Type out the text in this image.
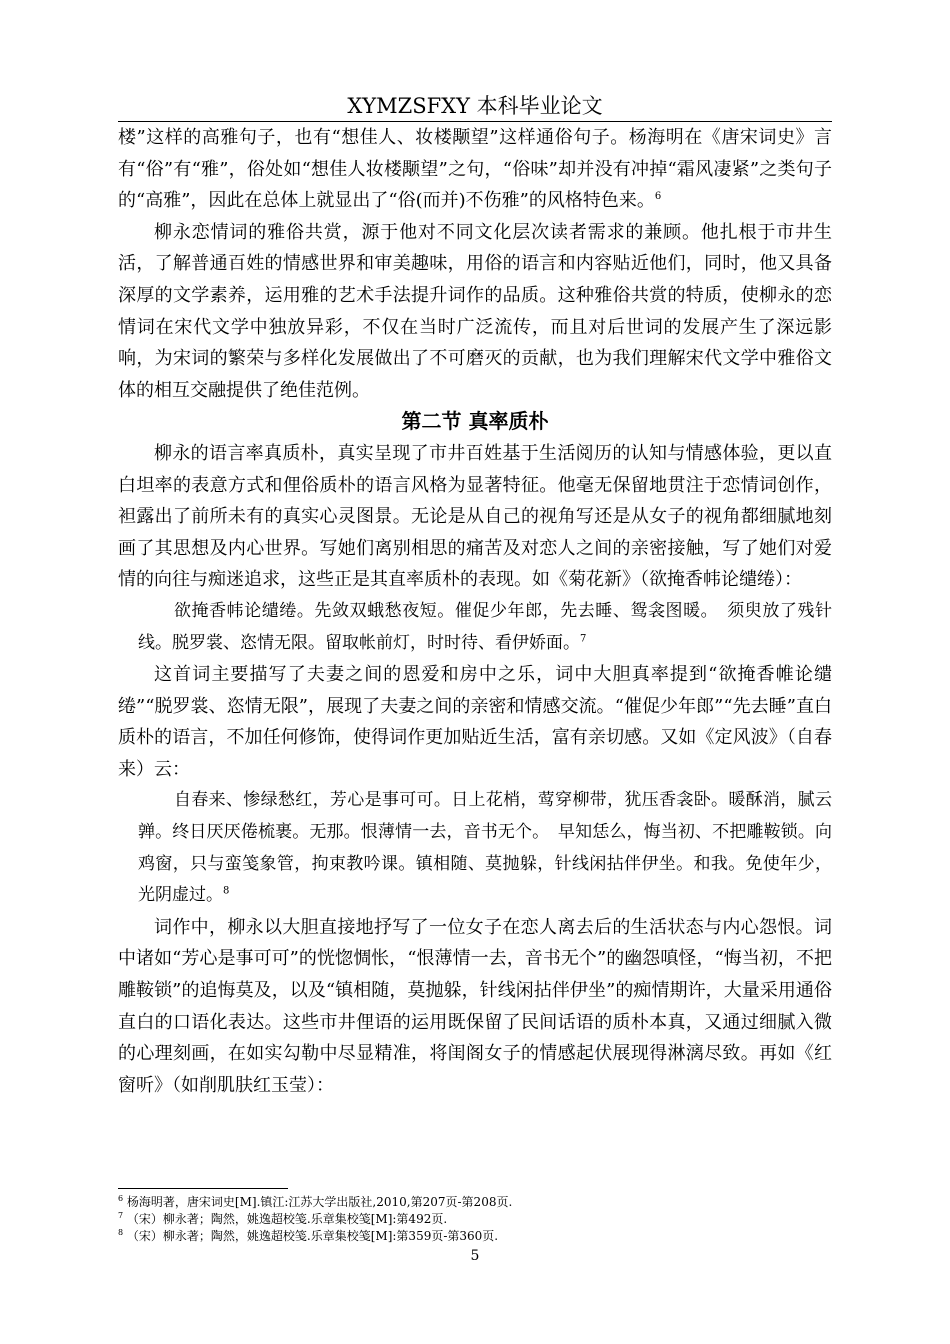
XYMZSFXY 本科毕业论文

楼”这样的高雅句子，也有“想佳人、妆楼颙望”这样通俗句子。杨海明在《唐宋词史》言有“俗”有“雅”，俗处如“想佳人妆楼颙望”之句，“俗味”却并没有冲掉“霜风凄紧”之类句子的“高雅”，因此在总体上就显出了“俗(而并)不伤雅”的风格特色来。$^6$

柳永恋情词的雅俗共赏，源于他对不同文化层次读者需求的兼顾。他扎根于市井生活，了解普通百姓的情感世界和审美趣味，用俗的语言和内容贴近他们，同时，他又具备深厚的文学素养，运用雅的艺术手法提升词作的品质。这种雅俗共赏的特质，使柳永的恋情词在宋代文学中独放异彩，不仅在当时广泛流传，而且对后世词的发展产生了深远影响，为宋词的繁荣与多样化发展做出了不可磨灭的贡献，也为我们理解宋代文学中雅俗文体的相互交融提供了绝佳范例。

第二节 真率质朴

柳永的语言率真质朴，真实呈现了市井百姓基于生活阅历的认知与情感体验，更以直白坦率的表意方式和俚俗质朴的语言风格为显著特征。他毫无保留地贯注于恋情词创作，袒露出了前所未有的真实心灵图景。无论是从自己的视角写还是从女子的视角都细腻地刻画了其思想及内心世界。写她们离别相思的痛苦及对恋人之间的亲密接触，写了她们对爱情的向往与痴迷追求，这些正是其直率质朴的表现。如《菊花新》（欲掩香帏论缱绻）：

欲掩香帏论缱绻。先敛双蛾愁夜短。催促少年郎，先去睡、鸳衾图暖。　须臾放了残针线。脱罗裳、恣情无限。留取帐前灯，时时待、看伊娇面。$^7$

这首词主要描写了夫妻之间的恩爱和房中之乐，词中大胆真率提到“欲掩香帷论缱绻”“脱罗裳、恣情无限”，展现了夫妻之间的亲密和情感交流。“催促少年郎”“先去睡”直白质朴的语言，不加任何修饰，使得词作更加贴近生活，富有亲切感。又如《定风波》（自春来）云：

自春来、惨绿愁红，芳心是事可可。日上花梢，莺穿柳带，犹压香衾卧。暖酥消，腻云亸。终日厌厌倦梳裹。无那。恨薄情一去，音书无个。　早知恁么，悔当初、不把雕鞍锁。向鸡窗，只与蛮笺象管，拘束教吟课。镇相随、莫抛躲，针线闲拈伴伊坐。和我。免使年少，光阴虚过。$^8$

词作中，柳永以大胆直接地抒写了一位女子在恋人离去后的生活状态与内心怨恨。词中诸如“芳心是事可可”的恍惚惆怅，“恨薄情一去，音书无个”的幽怨嗔怪，“悔当初，不把雕鞍锁”的追悔莫及，以及“镇相随，莫抛躲，针线闲拈伴伊坐”的痴情期许，大量采用通俗直白的口语化表达。这些市井俚语的运用既保留了民间话语的质朴本真，又通过细腻入微的心理刻画，在如实勾勒中尽显精准，将闺阁女子的情感起伏展现得淋漓尽致。再如《红窗听》（如削肌肤红玉莹）：

$^6$ 杨海明著，唐宋词史[M].镇江:江苏大学出版社,2010,第207页-第208页.

$^7$ （宋）柳永著；陶然，姚逸超校笺.乐章集校笺[M]:第492页.

$^8$ （宋）柳永著；陶然，姚逸超校笺.乐章集校笺[M]:第359页-第360页.

5
